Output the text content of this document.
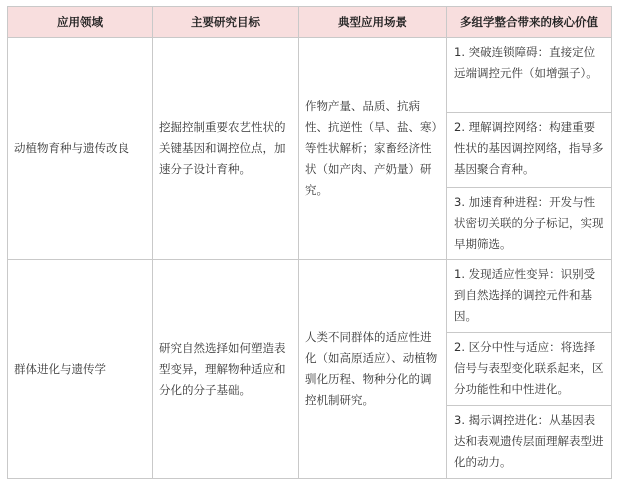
应用领域	主要研究目标	典型应用场景	多组学整合带来的核心价值
动植物育种与遗传改良	挖掘控制重要农艺性状的关键基因和调控位点，加速分子设计育种。	作物产量、品质、抗病性、抗逆性（旱、盐、寒）等性状解析；家畜经济性状（如产肉、产奶量）研究。	1. 突破连锁障碍：直接定位远端调控元件（如增强子）。
			2. 理解调控网络：构建重要性状的基因调控网络，指导多基因聚合育种。
			3. 加速育种进程：开发与性状密切关联的分子标记，实现早期筛选。
群体进化与遗传学	研究自然选择如何塑造表型变异，理解物种适应和分化的分子基础。	人类不同群体的适应性进化（如高原适应）、动植物驯化历程、物种分化的调控机制研究。	1. 发现适应性变异：识别受到自然选择的调控元件和基因。
			2. 区分中性与适应：将选择信号与表型变化联系起来，区分功能性和中性进化。
			3. 揭示调控进化：从基因表达和表观遗传层面理解表型进化的动力。
